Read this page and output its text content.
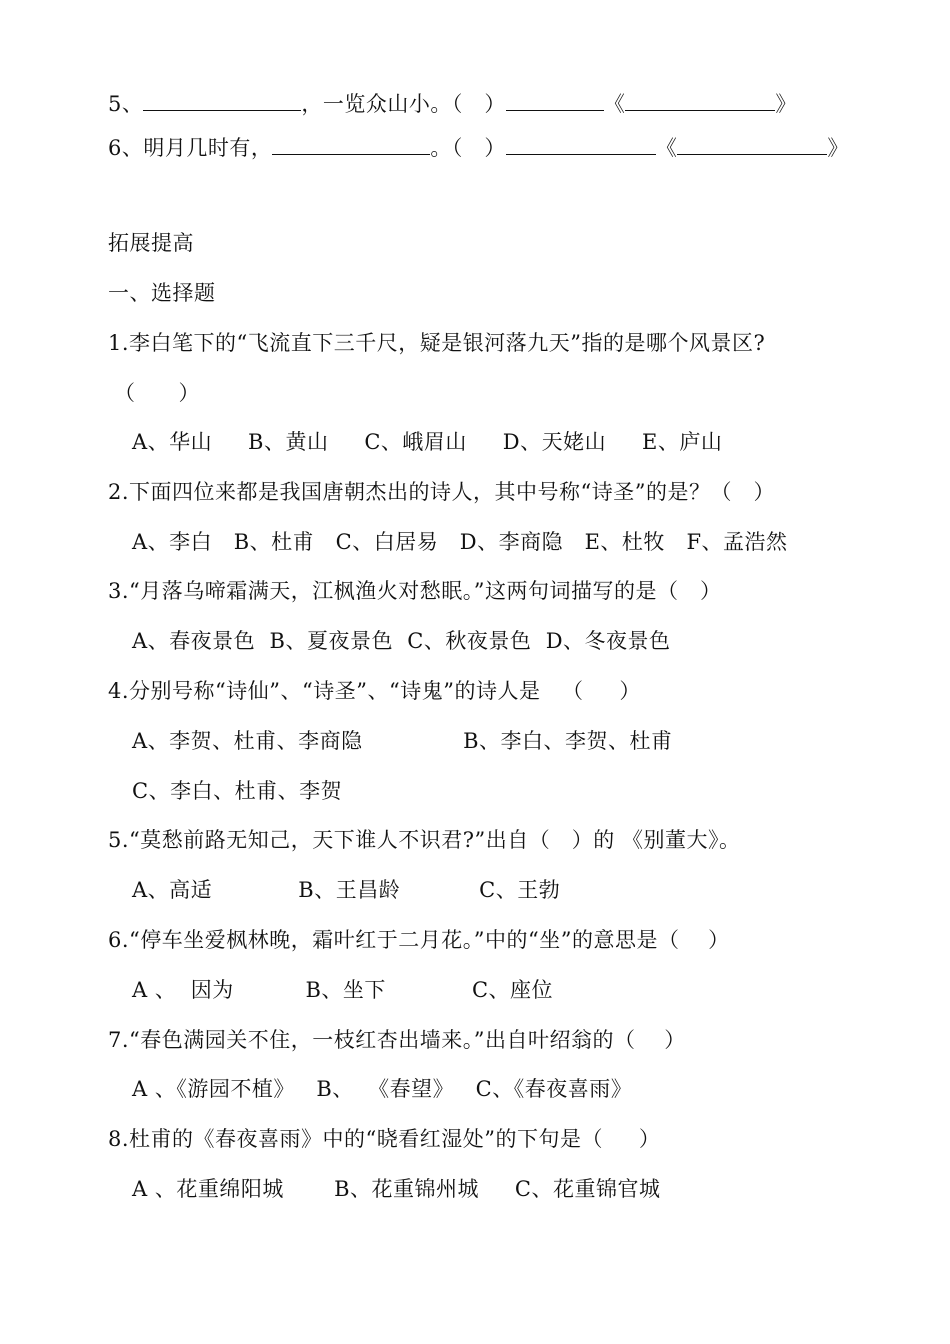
5、	，一览众山小。（   ）	《	》
6、明月几时有，	。（   ）	《	》
拓展提高
一、选择题
1.李白笔下的“飞流直下三千尺，疑是银河落九天”指的是哪个风景区?
（      ）
A、华山     B、黄山     C、峨眉山     D、天姥山     E、庐山
2.下面四位来都是我国唐朝杰出的诗人，其中号称“诗圣”的是？（   ）
A、李白   B、杜甫   C、白居易   D、李商隐   E、杜牧   F、孟浩然
3.“月落乌啼霜满天，江枫渔火对愁眠。”这两句词描写的是（   ）
A、春夜景色  B、夏夜景色  C、秋夜景色  D、冬夜景色
4.分别号称“诗仙”、“诗圣”、“诗鬼”的诗人是   （     ）
A、李贺、杜甫、李商隐              B、李白、李贺、杜甫
C、李白、杜甫、李贺
5.“莫愁前路无知己，天下谁人不识君?”出自（   ）的 《别董大》。
A、高适            B、王昌龄           C、王勃
6.“停车坐爱枫林晚，霜叶红于二月花。”中的“坐”的意思是（    ）
A 、  因为          B、坐下            C、座位
7.“春色满园关不住，一枝红杏出墙来。”出自叶绍翁的（    ）
A 、《游园不植》   B、  《春望》   C、《春夜喜雨》
8.杜甫的《春夜喜雨》中的“晓看红湿处”的下句是（     ）
A 、花重绵阳城       B、花重锦州城     C、花重锦官城
